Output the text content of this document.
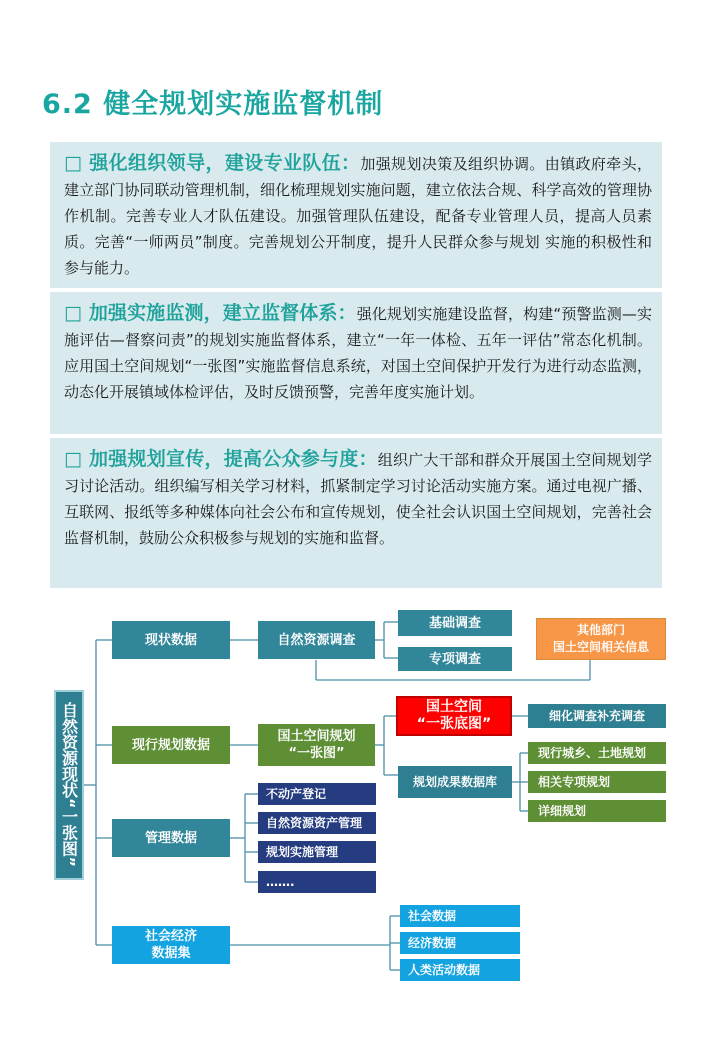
6.2 健全规划实施监督机制

□ 强化组织领导，建设专业队伍：加强规划决策及组织协调。由镇政府牵头，建立部门协同联动管理机制，细化梳理规划实施问题，建立依法合规、科学高效的管理协作机制。完善专业人才队伍建设。加强管理队伍建设，配备专业管理人员，提高人员素质。完善“一师两员”制度。完善规划公开制度，提升人民群众参与规划 实施的积极性和参与能力。

□ 加强实施监测，建立监督体系：强化规划实施建设监督，构建“预警监测—实施评估—督察问责”的规划实施监督体系，建立“一年一体检、五年一评估”常态化机制。应用国土空间规划“一张图”实施监督信息系统，对国土空间保护开发行为进行动态监测，动态化开展镇域体检评估，及时反馈预警，完善年度实施计划。

□ 加强规划宣传，提高公众参与度：组织广大干部和群众开展国土空间规划学习讨论活动。组织编写相关学习材料，抓紧制定学习讨论活动实施方案。通过电视广播、互联网、报纸等多种媒体向社会公布和宣传规划，使全社会认识国土空间规划，完善社会监督机制，鼓励公众积极参与规划的实施和监督。

自然资源现状“一张图”
现状数据	自然资源调查
基础调查
专项调查
其他部门
国土空间相关信息
现行规划数据
国土空间规划
“一张图”
国土空间
“一张底图”
细化调查补充调查
规划成果数据库
现行城乡、土地规划
相关专项规划
详细规划
管理数据
不动产登记
自然资源资产管理
规划实施管理
…….
社会经济
数据集
社会数据
经济数据
人类活动数据
